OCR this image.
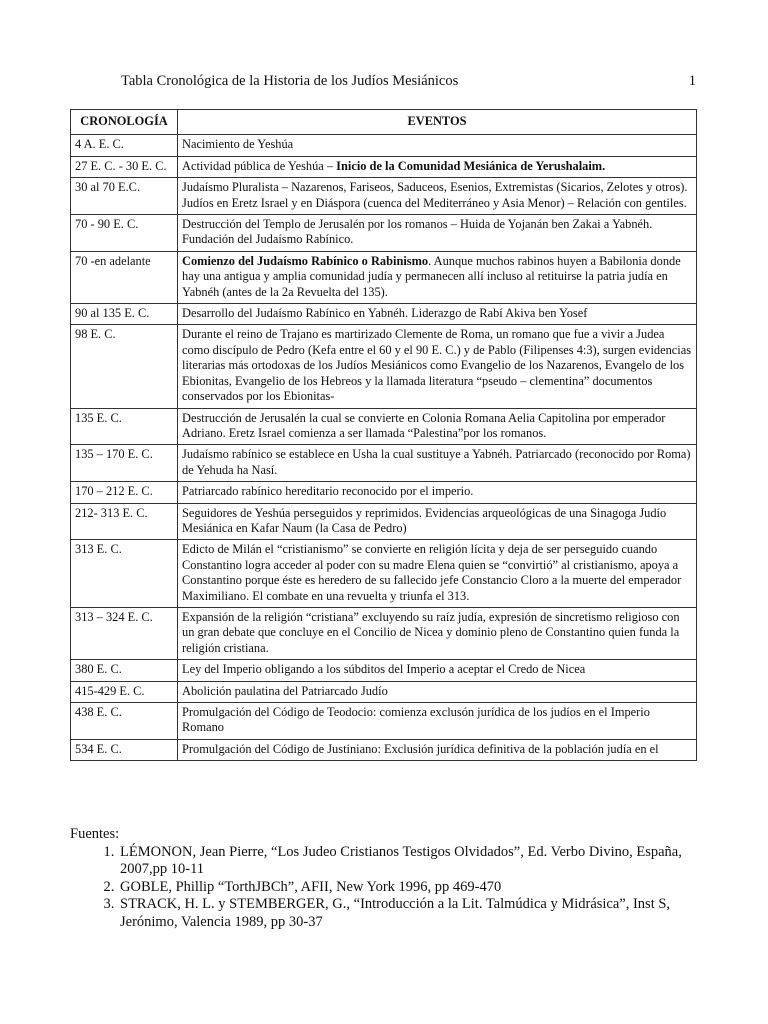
Tabla Cronológica de la Historia de los Judíos Mesiánicos	1
CRONOLOGÍA	EVENTOS
4 A. E. C.	Nacimiento de Yeshúa
27 E. C. - 30 E. C.	Actividad pública de Yeshúa – Inicio de la Comunidad Mesiánica de Yerushalaim.
30 al 70 E.C.	Judaísmo Pluralista – Nazarenos, Fariseos, Saduceos, Esenios, Extremistas (Sicarios, Zelotes y otros). Judíos en Eretz Israel y en Diáspora (cuenca del Mediterráneo y Asia Menor) – Relación con gentiles.
70 - 90 E. C.	Destrucción del Templo de Jerusalén por los romanos – Huida de Yojanán ben Zakai a Yabnéh. Fundación del Judaísmo Rabínico.
70 -en adelante	Comienzo del Judaísmo Rabínico o Rabinismo. Aunque muchos rabinos huyen a Babilonia donde hay una antigua y amplia comunidad judía y permanecen allí incluso al retituirse la patria judía en Yabnéh (antes de la 2a Revuelta del 135).
90 al 135 E. C.	Desarrollo del Judaísmo Rabínico en Yabnéh. Liderazgo de Rabí Akiva ben Yosef
98 E. C.	Durante el reino de Trajano es martirizado Clemente de Roma, un romano que fue a vivir a Judea como discípulo de Pedro (Kefa entre el 60 y el 90 E. C.) y de Pablo (Filipenses 4:3), surgen evidencias literarias más ortodoxas de los Judíos Mesiánicos como Evangelio de los Nazarenos, Evangelo de los Ebionitas, Evangelio de los Hebreos y la llamada literatura “pseudo – clementina” documentos conservados por los Ebionitas-
135 E. C.	Destrucción de Jerusalén la cual se convierte en Colonia Romana Aelia Capitolina por emperador Adriano. Eretz Israel comienza a ser llamada “Palestina”por los romanos.
135 – 170 E. C.	Judaísmo rabínico se establece en Usha la cual sustituye a Yabnéh. Patriarcado (reconocido por Roma) de Yehuda ha Nasí.
170 – 212 E. C.	Patriarcado rabínico hereditario reconocido por el imperio.
212- 313 E. C.	Seguidores de Yeshúa perseguidos y reprimidos. Evidencias arqueológicas de una Sinagoga Judío Mesiánica en Kafar Naum (la Casa de Pedro)
313 E. C.	Edicto de Milán el “cristianismo” se convierte en religión lícita y deja de ser perseguido cuando Constantino logra acceder al poder con su madre Elena quien se “convirtió” al cristianismo, apoya a Constantino porque éste es heredero de su fallecido jefe Constancio Cloro a la muerte del emperador Maximiliano. El combate en una revuelta y triunfa el 313.
313 – 324 E. C.	Expansión de la religión “cristiana” excluyendo su raíz judía, expresión de sincretismo religioso con un gran debate que concluye en el Concilio de Nicea y dominio pleno de Constantino quien funda la religión cristiana.
380 E. C.	Ley del Imperio obligando a los súbditos del Imperio a aceptar el Credo de Nicea
415-429 E. C.	Abolición paulatina del Patriarcado Judío
438 E. C.	Promulgación del Código de Teodocio: comienza exclusón jurídica de los judíos en el Imperio Romano
534 E. C.	Promulgación del Código de Justiniano: Exclusión jurídica definitiva de la población judía en el
Fuentes:
1. LÉMONON, Jean Pierre, “Los Judeo Cristianos Testigos Olvidados”, Ed. Verbo Divino, España, 2007,pp 10-11
2. GOBLE, Phillip “TorthJBCh”, AFII, New York 1996, pp 469-470
3. STRACK, H. L. y STEMBERGER, G., “Introducción a la Lit. Talmúdica y Midrásica”, Inst S, Jerónimo, Valencia 1989, pp 30-37
